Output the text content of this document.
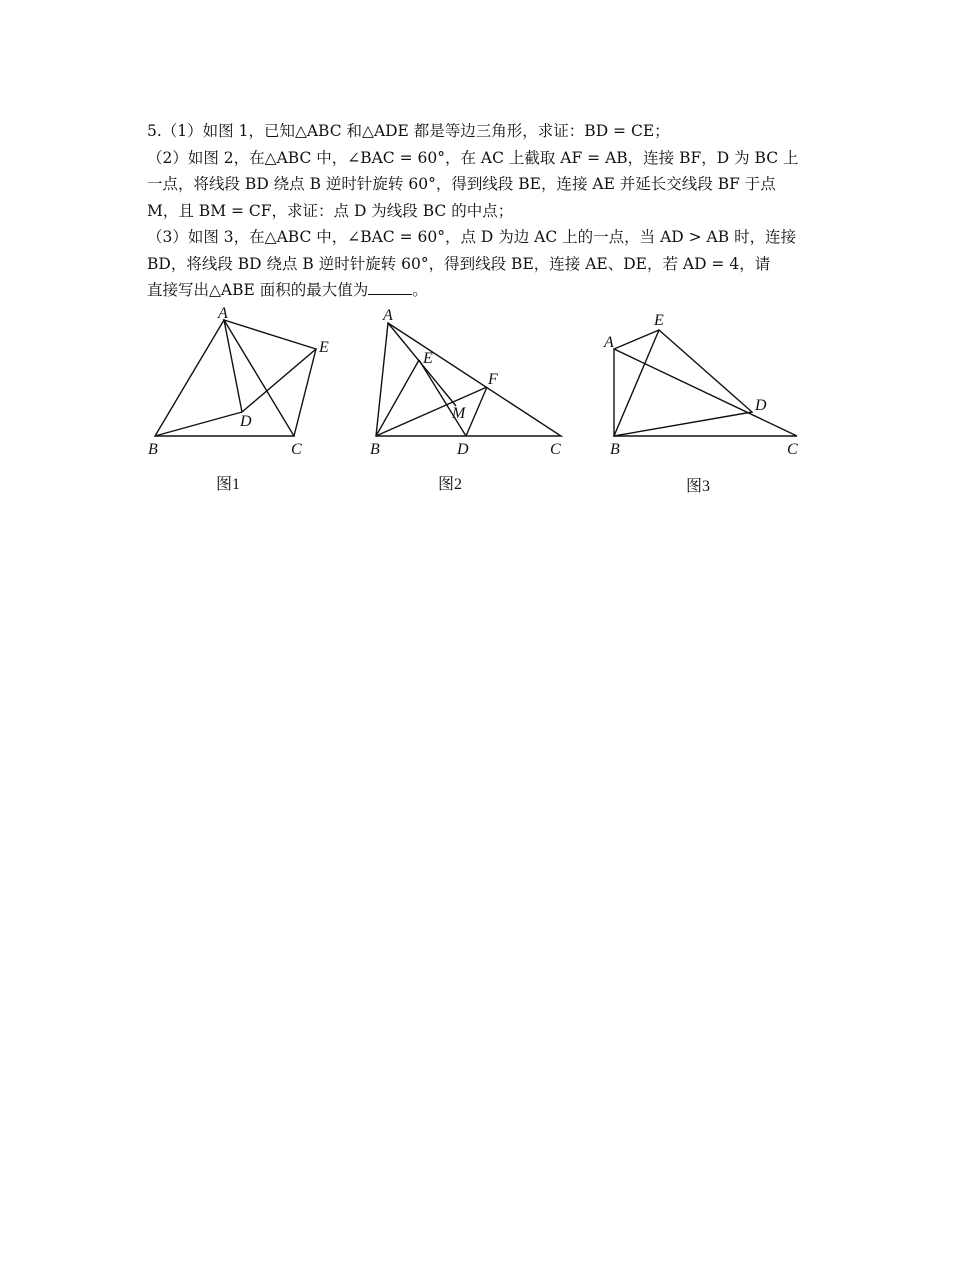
5.（1）如图 1，已知△ABC 和△ADE 都是等边三角形，求证：BD = CE；

（2）如图 2，在△ABC 中，∠BAC = 60°，在 AC 上截取 AF = AB，连接 BF，D 为 BC 上

一点，将线段 BD 绕点 B 逆时针旋转 60°，得到线段 BE，连接 AE 并延长交线段 BF 于点

M，且 BM = CF，求证：点 D 为线段 BC 的中点；

（3）如图 3，在△ABC 中，∠BAC = 60°，点 D 为边 AC 上的一点，当 AD > AB 时，连接

BD，将线段 BD 绕点 B 逆时针旋转 60°，得到线段 BE，连接 AE、DE，若 AD = 4，请

直接写出△ABE 面积的最大值为	。

A
B	C
D
E
A
B	C
D
E
F
M
A
B	C
D
E
图1	图2	图3
